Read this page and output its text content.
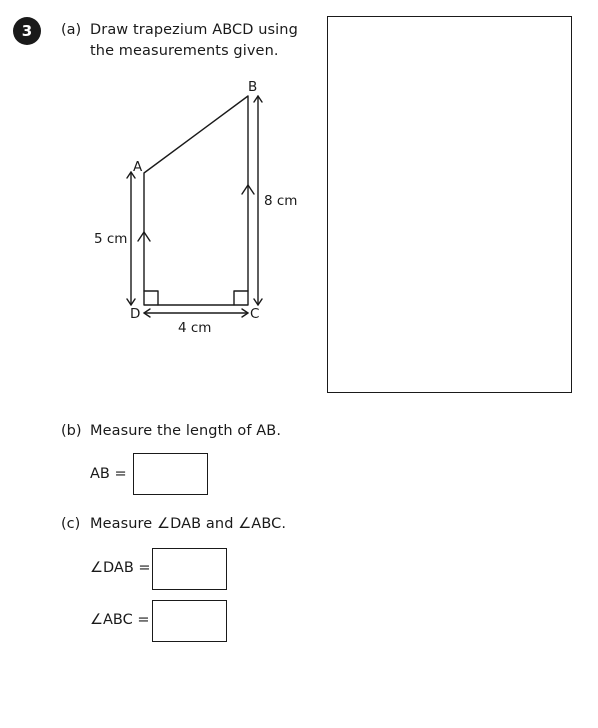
3	(a) Draw trapezium ABCD using
the measurements given.
A
B
C
D
5 cm
8 cm
4 cm
(b) Measure the length of AB.
AB =
(c) Measure ∠DAB and ∠ABC.
∠DAB =
∠ABC =
